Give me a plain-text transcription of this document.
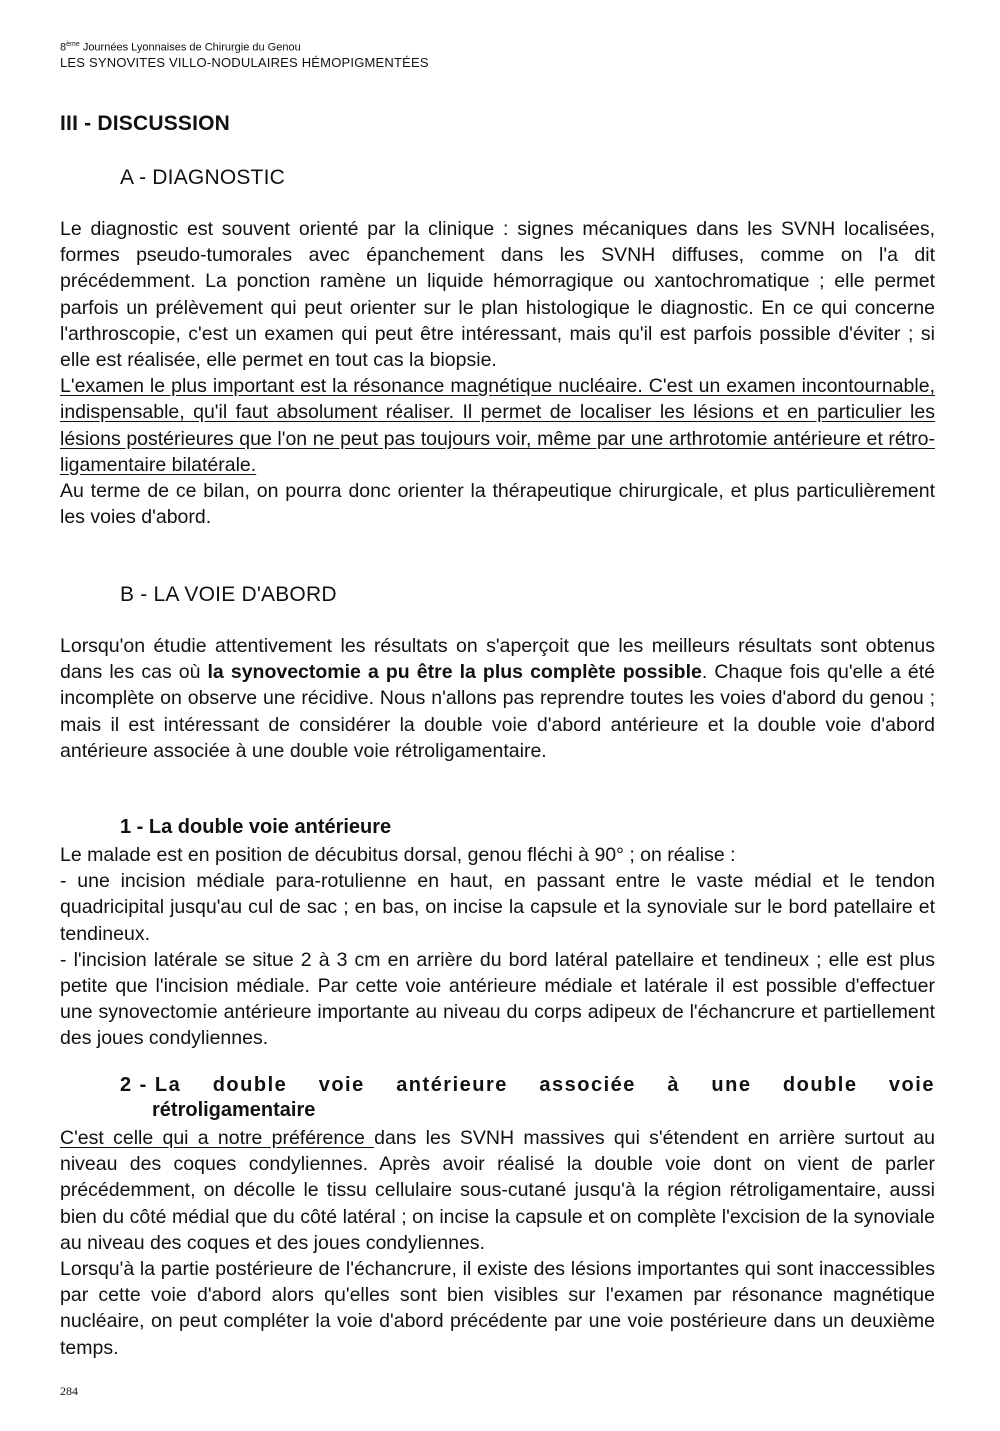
8ème Journées Lyonnaises de Chirurgie du Genou
LES SYNOVITES VILLO-NODULAIRES HÉMOPIGMENTÉES
III - DISCUSSION
A - DIAGNOSTIC

Le diagnostic est souvent orienté par la clinique : signes mécaniques dans les SVNH localisées, formes pseudo-tumorales avec épanchement dans les SVNH diffuses, comme on l'a dit précédemment. La ponction ramène un liquide hémorragique ou xantochromatique ; elle permet parfois un prélèvement qui peut orienter sur le plan histologique le diagnostic. En ce qui concerne l'arthroscopie, c'est un examen qui peut être intéressant, mais qu'il est parfois possible d'éviter ; si elle est réalisée, elle permet en tout cas la biopsie.

L'examen le plus important est la résonance magnétique nucléaire. C'est un examen incontournable, indispensable, qu'il faut absolument réaliser. Il permet de localiser les lésions et en particulier les lésions postérieures que l'on ne peut pas toujours voir, même par une arthrotomie antérieure et rétro-ligamentaire bilatérale.

Au terme de ce bilan, on pourra donc orienter la thérapeutique chirurgicale, et plus particulièrement les voies d'abord.

B - LA VOIE D'ABORD

Lorsqu'on étudie attentivement les résultats on s'aperçoit que les meilleurs résultats sont obtenus dans les cas où la synovectomie a pu être la plus complète possible. Chaque fois qu'elle a été incomplète on observe une récidive. Nous n'allons pas reprendre toutes les voies d'abord du genou ; mais il est intéressant de considérer la double voie d'abord antérieure et la double voie d'abord antérieure associée à une double voie rétroligamentaire.

1 - La double voie antérieure

Le malade est en position de décubitus dorsal, genou fléchi à 90° ; on réalise :

- une incision médiale para-rotulienne en haut, en passant entre le vaste médial et le tendon quadricipital jusqu'au cul de sac ; en bas, on incise la capsule et la synoviale sur le bord patellaire et tendineux.

- l'incision latérale se situe 2 à 3 cm en arrière du bord latéral patellaire et tendineux ; elle est plus petite que l'incision médiale. Par cette voie antérieure médiale et latérale il est possible d'effectuer une synovectomie antérieure importante au niveau du corps adipeux de l'échancrure et partiellement des joues condyliennes.

2 - La double voie antérieure associée à une double voie
rétroligamentaire

C'est celle qui a notre préférence dans les SVNH massives qui s'étendent en arrière surtout au niveau des coques condyliennes. Après avoir réalisé la double voie dont on vient de parler précédemment, on décolle le tissu cellulaire sous-cutané jusqu'à la région rétroligamentaire, aussi bien du côté médial que du côté latéral ; on incise la capsule et on complète l'excision de la synoviale au niveau des coques et des joues condyliennes.

Lorsqu'à la partie postérieure de l'échancrure, il existe des lésions importantes qui sont inaccessibles par cette voie d'abord alors qu'elles sont bien visibles sur l'examen par résonance magnétique nucléaire, on peut compléter la voie d'abord précédente par une voie postérieure dans un deuxième temps.

284
